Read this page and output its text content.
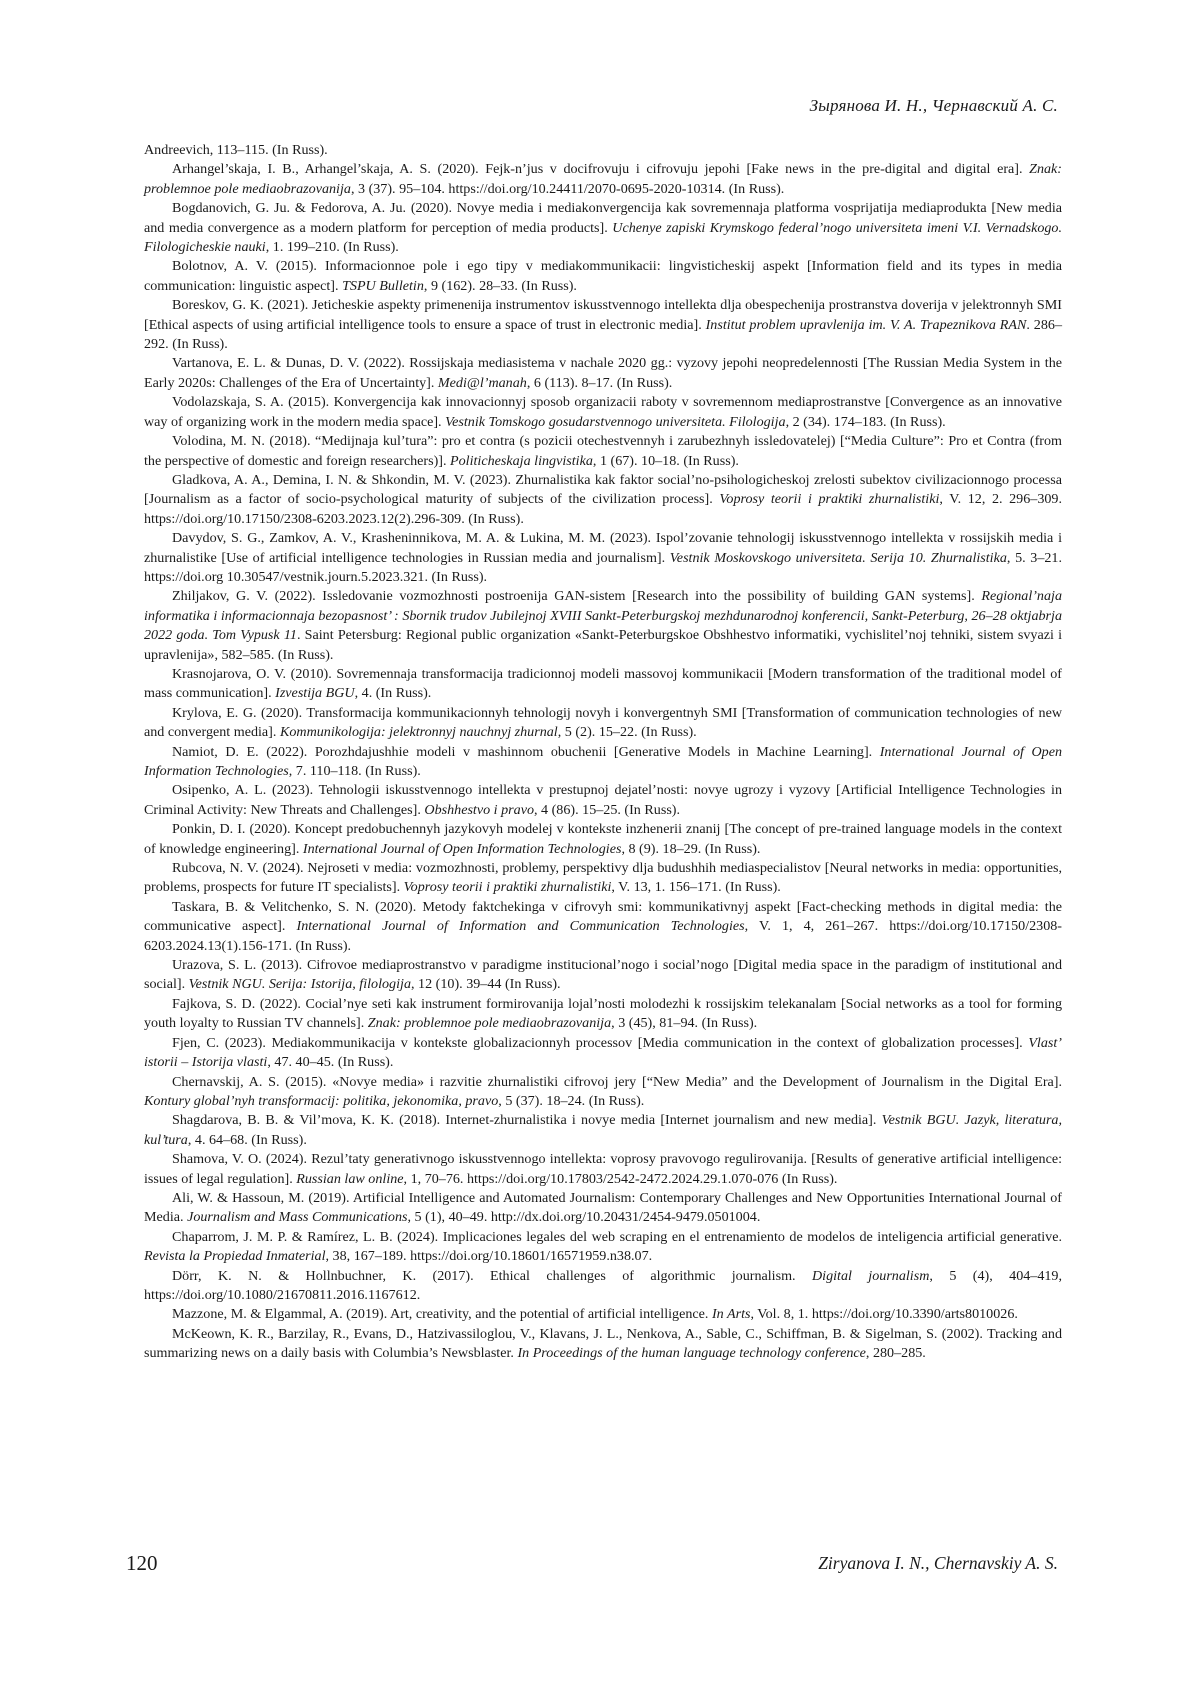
Зырянова И. Н., Чернавский А. С.

Andreevich, 113–115. (In Russ).

Arhangel’skaja, I. B., Arhangel’skaja, A. S. (2020). Fejk-n’jus v docifrovuju i cifrovuju jepohi [Fake news in the pre-digital and digital era]. Znak: problemnoe pole mediaobrazovanija, 3 (37). 95–104. https://doi.org/10.24411/2070-0695-2020-10314. (In Russ).

Bogdanovich, G. Ju. & Fedorova, A. Ju. (2020). Novye media i mediakonvergencija kak sovremennaja platforma vosprijatija mediaprodukta [New media and media convergence as a modern platform for perception of media products]. Uchenye zapiski Krymskogo federal’nogo universiteta imeni V.I. Vernadskogo. Filologicheskie nauki, 1. 199–210. (In Russ).

Bolotnov, A. V. (2015). Informacionnoe pole i ego tipy v mediakommunikacii: lingvisticheskij aspekt [Information field and its types in media communication: linguistic aspect]. TSPU Bulletin, 9 (162). 28–33. (In Russ).

Boreskov, G. K. (2021). Jeticheskie aspekty primenenija instrumentov iskusstvennogo intellekta dlja obespechenija prostranstva doverija v jelektronnyh SMI [Ethical aspects of using artificial intelligence tools to ensure a space of trust in electronic media]. Institut problem upravlenija im. V. A. Trapeznikova RAN. 286–292. (In Russ).

Vartanova, E. L. & Dunas, D. V. (2022). Rossijskaja mediasistema v nachale 2020 gg.: vyzovy jepohi neopredelennosti [The Russian Media System in the Early 2020s: Challenges of the Era of Uncertainty]. Medi@l’manah, 6 (113). 8–17. (In Russ).

Vodolazskaja, S. A. (2015). Konvergencija kak innovacionnyj sposob organizacii raboty v sovremennom mediaprostranstve [Convergence as an innovative way of organizing work in the modern media space]. Vestnik Tomskogo gosudarstvennogo universiteta. Filologija, 2 (34). 174–183. (In Russ).

Volodina, M. N. (2018). “Medijnaja kul’tura”: pro et contra (s pozicii otechestvennyh i zarubezhnyh issledovatelej) [“Media Culture”: Pro et Contra (from the perspective of domestic and foreign researchers)]. Politicheskaja lingvistika, 1 (67). 10–18. (In Russ).

Gladkova, A. A., Demina, I. N. & Shkondin, M. V. (2023). Zhurnalistika kak faktor social’no-psihologicheskoj zrelosti subektov civilizacionnogo processa [Journalism as a factor of socio-psychological maturity of subjects of the civilization process]. Voprosy teorii i praktiki zhurnalistiki, V. 12, 2. 296–309. https://doi.org/10.17150/2308-6203.2023.12(2).296-309. (In Russ).

Davydov, S. G., Zamkov, A. V., Krasheninnikova, M. A. & Lukina, M. M. (2023). Ispol’zovanie tehnologij iskusstvennogo intellekta v rossijskih media i zhurnalistike [Use of artificial intelligence technologies in Russian media and journalism]. Vestnik Moskovskogo universiteta. Serija 10. Zhurnalistika, 5. 3–21. https://doi.org 10.30547/vestnik.journ.5.2023.321. (In Russ).

Zhiljakov, G. V. (2022). Issledovanie vozmozhnosti postroenija GAN-sistem [Research into the possibility of building GAN systems]. Regional’naja informatika i informacionnaja bezopasnost’ : Sbornik trudov Jubilejnoj XVIII Sankt-Peterburgskoj mezhdunarodnoj konferencii, Sankt-Peterburg, 26–28 oktjabrja 2022 goda. Tom Vypusk 11. Saint Petersburg: Regional public organization «Sankt-Peterburgskoe Obshhestvo informatiki, vychislitel’noj tehniki, sistem svyazi i upravlenija», 582–585. (In Russ).

Krasnojarova, O. V. (2010). Sovremennaja transformacija tradicionnoj modeli massovoj kommunikacii [Modern transformation of the traditional model of mass communication]. Izvestija BGU, 4. (In Russ).

Krylova, E. G. (2020). Transformacija kommunikacionnyh tehnologij novyh i konvergentnyh SMI [Transformation of communication technologies of new and convergent media]. Kommunikologija: jelektronnyj nauchnyj zhurnal, 5 (2). 15–22. (In Russ).

Namiot, D. E. (2022). Porozhdajushhie modeli v mashinnom obuchenii [Generative Models in Machine Learning]. International Journal of Open Information Technologies, 7. 110–118. (In Russ).

Osipenko, A. L. (2023). Tehnologii iskusstvennogo intellekta v prestupnoj dejatel’nosti: novye ugrozy i vyzovy [Artificial Intelligence Technologies in Criminal Activity: New Threats and Challenges]. Obshhestvo i pravo, 4 (86). 15–25. (In Russ).

Ponkin, D. I. (2020). Koncept predobuchennyh jazykovyh modelej v kontekste inzhenerii znanij [The concept of pre-trained language models in the context of knowledge engineering]. International Journal of Open Information Technologies, 8 (9). 18–29. (In Russ).

Rubcova, N. V. (2024). Nejroseti v media: vozmozhnosti, problemy, perspektivy dlja budushhih mediaspecialistov [Neural networks in media: opportunities, problems, prospects for future IT specialists]. Voprosy teorii i praktiki zhurnalistiki, V. 13, 1. 156–171. (In Russ).

Taskara, B. & Velitchenko, S. N. (2020). Metody faktchekinga v cifrovyh smi: kommunikativnyj aspekt [Fact-checking methods in digital media: the communicative aspect]. International Journal of Information and Communication Technologies, V. 1, 4, 261–267. https://doi.org/10.17150/2308-6203.2024.13(1).156-171. (In Russ).

Urazova, S. L. (2013). Cifrovoe mediaprostranstvo v paradigme institucional’nogo i social’nogo [Digital media space in the paradigm of institutional and social]. Vestnik NGU. Serija: Istorija, filologija, 12 (10). 39–44 (In Russ).

Fajkova, S. D. (2022). Cocial’nye seti kak instrument formirovanija lojal’nosti molodezhi k rossijskim telekanalam [Social networks as a tool for forming youth loyalty to Russian TV channels]. Znak: problemnoe pole mediaobrazovanija, 3 (45), 81–94. (In Russ).

Fjen, C. (2023). Mediakommunikacija v kontekste globalizacionnyh processov [Media communication in the context of globalization processes]. Vlast’ istorii – Istorija vlasti, 47. 40–45. (In Russ).

Chernavskij, A. S. (2015). «Novye media» i razvitie zhurnalistiki cifrovoj jery [“New Media” and the Development of Journalism in the Digital Era]. Kontury global’nyh transformacij: politika, jekonomika, pravo, 5 (37). 18–24. (In Russ).

Shagdarova, B. B. & Vil’mova, K. K. (2018). Internet-zhurnalistika i novye media [Internet journalism and new media]. Vestnik BGU. Jazyk, literatura, kul’tura, 4. 64–68. (In Russ).

Shamova, V. O. (2024). Rezul’taty generativnogo iskusstvennogo intellekta: voprosy pravovogo regulirovanija. [Results of generative artificial intelligence: issues of legal regulation]. Russian law online, 1, 70–76. https://doi.org/10.17803/2542-2472.2024.29.1.070-076 (In Russ).

Ali, W. & Hassoun, M. (2019). Artificial Intelligence and Automated Journalism: Contemporary Challenges and New Opportunities International Journal of Media. Journalism and Mass Communications, 5 (1), 40–49. http://dx.doi.org/10.20431/2454-9479.0501004.

Chaparrom, J. M. P. & Ramírez, L. B. (2024). Implicaciones legales del web scraping en el entrenamiento de modelos de inteligencia artificial generative. Revista la Propiedad Inmaterial, 38, 167–189. https://doi.org/10.18601/16571959.n38.07.

Dörr, K. N. & Hollnbuchner, K. (2017). Ethical challenges of algorithmic journalism. Digital journalism, 5 (4), 404–419, https://doi.org/10.1080/21670811.2016.1167612.

Mazzone, M. & Elgammal, A. (2019). Art, creativity, and the potential of artificial intelligence. In Arts, Vol. 8, 1. https://doi.org/10.3390/arts8010026.

McKeown, K. R., Barzilay, R., Evans, D., Hatzivassiloglou, V., Klavans, J. L., Nenkova, A., Sable, C., Schiffman, B. & Sigelman, S. (2002). Tracking and summarizing news on a daily basis with Columbia’s Newsblaster. In Proceedings of the human language technology conference, 280–285.

120	Ziryanova I. N., Chernavskiy A. S.
